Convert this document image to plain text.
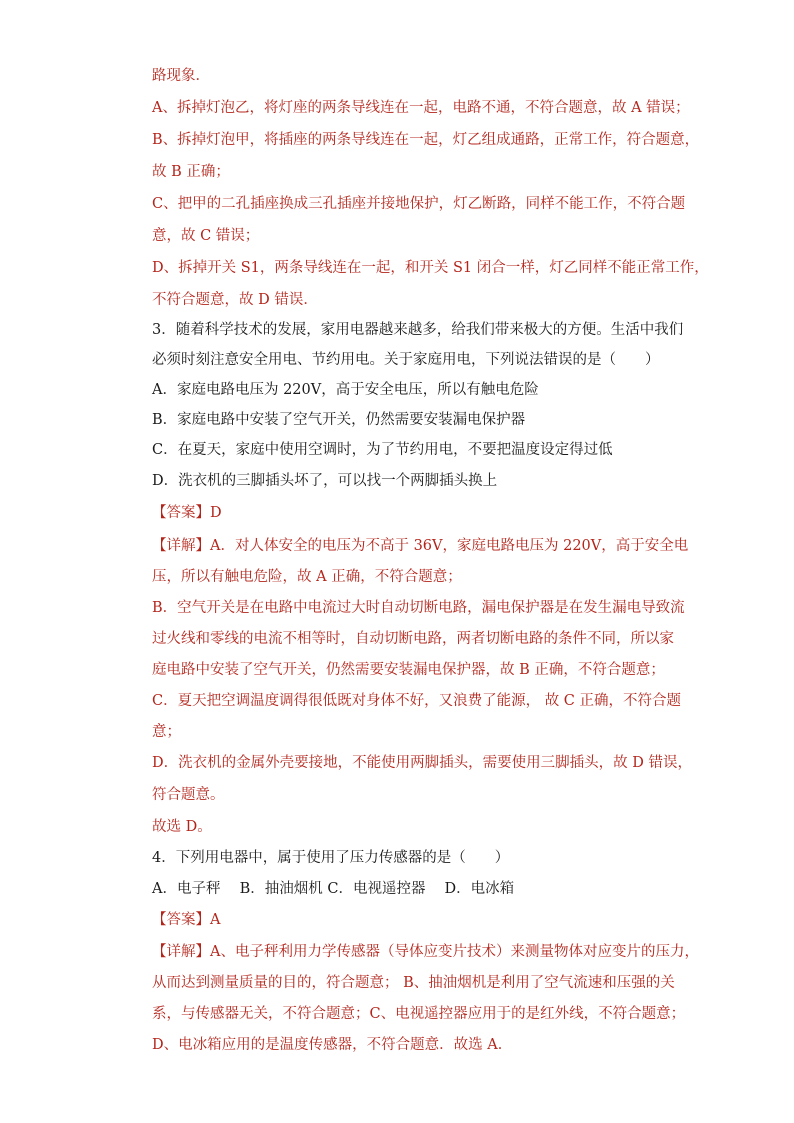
路现象．
A、拆掉灯泡乙，将灯座的两条导线连在一起，电路不通，不符合题意，故 A 错误；
B、拆掉灯泡甲，将插座的两条导线连在一起，灯乙组成通路，正常工作，符合题意，
故 B 正确；
C、把甲的二孔插座换成三孔插座并接地保护，灯乙断路，同样不能工作，不符合题
意，故 C 错误；
D、拆掉开关 S1，两条导线连在一起，和开关 S1 闭合一样，灯乙同样不能正常工作，
不符合题意，故 D 错误．
3．随着科学技术的发展，家用电器越来越多，给我们带来极大的方便。生活中我们
必须时刻注意安全用电、节约用电。关于家庭用电，下列说法错误的是（　　）
A．家庭电路电压为 220V，高于安全电压，所以有触电危险
B．家庭电路中安装了空气开关，仍然需要安装漏电保护器
C．在夏天，家庭中使用空调时，为了节约用电，不要把温度设定得过低
D．洗衣机的三脚插头坏了，可以找一个两脚插头换上
【答案】D
【详解】A．对人体安全的电压为不高于 36V，家庭电路电压为 220V，高于安全电
压，所以有触电危险，故 A 正确，不符合题意；
B．空气开关是在电路中电流过大时自动切断电路，漏电保护器是在发生漏电导致流
过火线和零线的电流不相等时，自动切断电路，两者切断电路的条件不同，所以家
庭电路中安装了空气开关，仍然需要安装漏电保护器，故 B 正确，不符合题意；
C．夏天把空调温度调得很低既对身体不好，又浪费了能源， 故 C 正确，不符合题
意；
D．洗衣机的金属外壳要接地，不能使用两脚插头，需要使用三脚插头，故 D 错误，
符合题意。
故选 D。
4．下列用电器中，属于使用了压力传感器的是（　　）
A．电子秤　 B．抽油烟机 C．电视遥控器　 D．电冰箱
【答案】A
【详解】A、电子秤利用力学传感器（导体应变片技术）来测量物体对应变片的压力，
从而达到测量质量的目的，符合题意； B、抽油烟机是利用了空气流速和压强的关
系，与传感器无关，不符合题意；C、电视遥控器应用于的是红外线，不符合题意；
D、电冰箱应用的是温度传感器，不符合题意．故选 A．
